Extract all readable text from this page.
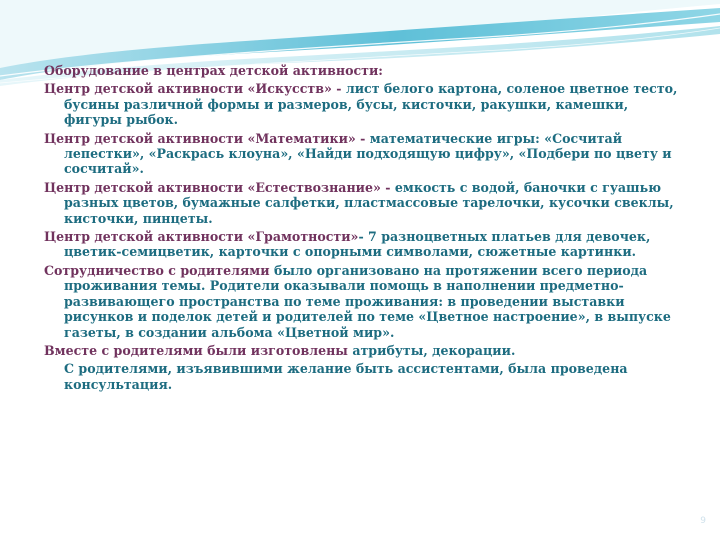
Оборудование в центрах детской активности:

Центр детской активности «Искусств» - лист белого картона, соленое цветное тесто, бусины различной формы и размеров, бусы, кисточки, ракушки, камешки, фигуры рыбок.

Центр детской активности «Математики» - математические игры: «Сосчитай лепестки», «Раскрась клоуна», «Найди подходящую цифру», «Подбери по цвету и сосчитай».

Центр детской активности «Естествознание» - емкость с водой, баночки с гуашью разных цветов, бумажные салфетки, пластмассовые тарелочки, кусочки свеклы, кисточки, пинцеты.

Центр детской активности «Грамотности»- 7 разноцветных платьев для девочек, цветик-семицветик, карточки с опорными символами, сюжетные картинки.

Сотрудничество с родителями было организовано на протяжении всего периода проживания темы. Родители оказывали помощь в наполнении предметно-развивающего пространства по теме проживания: в проведении выставки рисунков и поделок детей и родителей по теме «Цветное настроение», в выпуске газеты, в создании альбома «Цветной мир».

Вместе с родителями были изготовлены атрибуты, декорации.

С родителями, изъявившими желание быть ассистентами, была проведена консультация.

9
